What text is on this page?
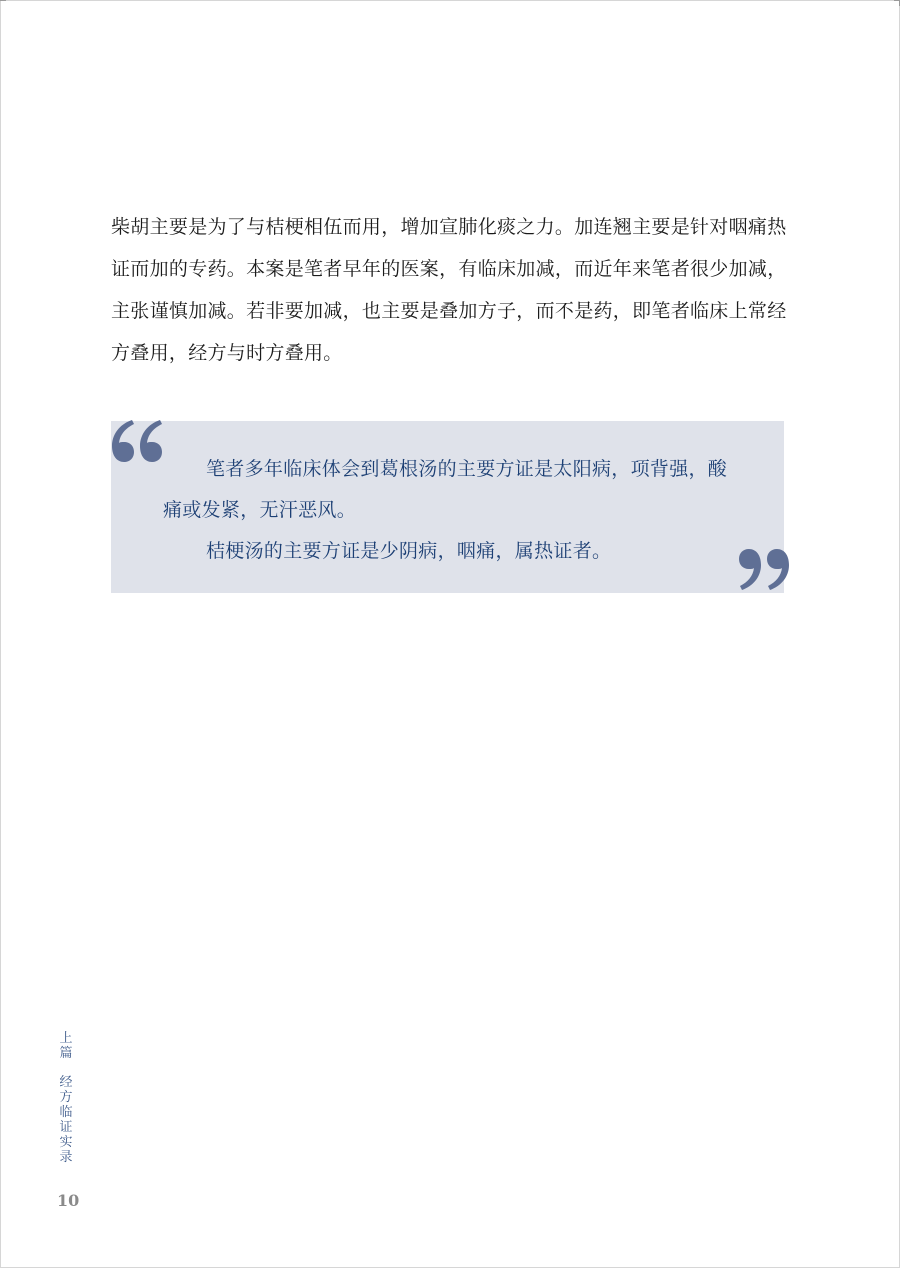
柴胡主要是为了与桔梗相伍而用，增加宣肺化痰之力。加连翘主要是针对咽痛热证而加的专药。本案是笔者早年的医案，有临床加减，而近年来笔者很少加减，主张谨慎加减。若非要加减，也主要是叠加方子，而不是药，即笔者临床上常经方叠用，经方与时方叠用。

笔者多年临床体会到葛根汤的主要方证是太阳病，项背强，酸

痛或发紧，无汗恶风。

桔梗汤的主要方证是少阴病，咽痛，属热证者。

上篇
经方临证实录
10
